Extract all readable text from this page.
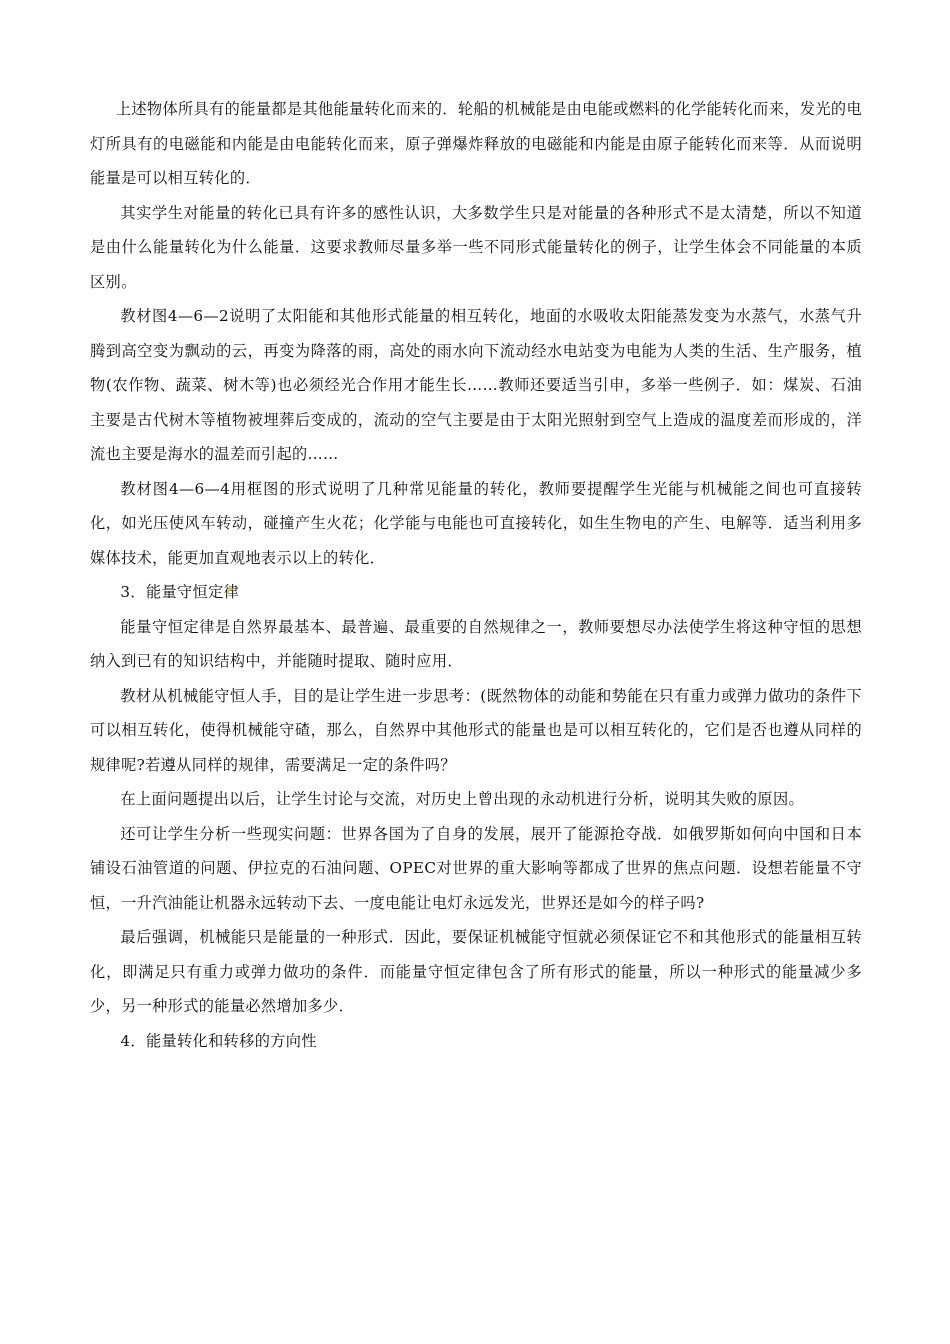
上述物体所具有的能量都是其他能量转化而来的．轮船的机械能是由电能或燃料的化学能转化而来，发光的电灯所具有的电磁能和内能是由电能转化而来，原子弹爆炸释放的电磁能和内能是由原子能转化而来等．从而说明能量是可以相互转化的．

其实学生对能量的转化已具有许多的感性认识，大多数学生只是对能量的各种形式不是太清楚，所以不知道是由什么能量转化为什么能量．这要求教师尽量多举一些不同形式能量转化的例子，让学生体会不同能量的本质区别。

教材图4—6—2说明了太阳能和其他形式能量的相互转化，地面的水吸收太阳能蒸发变为水蒸气，水蒸气升腾到高空变为飘动的云，再变为降落的雨，高处的雨水向下流动经水电站变为电能为人类的生活、生产服务，植物(农作物、蔬菜、树木等)也必须经光合作用才能生长……教师还要适当引申，多举一些例子．如：煤炭、石油主要是古代树木等植物被埋葬后变成的，流动的空气主要是由于太阳光照射到空气上造成的温度差而形成的，洋流也主要是海水的温差而引起的……

教材图4—6—4用框图的形式说明了几种常见能量的转化，教师要提醒学生光能与机械能之间也可直接转化，如光压使风车转动，碰撞产生火花；化学能与电能也可直接转化，如生生物电的产生、电解等．适当利用多媒体技术，能更加直观地表示以上的转化．

3．能量守恒定律

能量守恒定律是自然界最基本、最普遍、最重要的自然规律之一，教师要想尽办法使学生将这种守恒的思想纳入到已有的知识结构中，并能随时提取、随时应用．

教材从机械能守恒人手，目的是让学生进一步思考：(既然物体的动能和势能在只有重力或弹力做功的条件下可以相互转化，使得机械能守碴，那么，自然界中其他形式的能量也是可以相互转化的，它们是否也遵从同样的规律呢?若遵从同样的规律，需要满足一定的条件吗？

在上面问题提出以后，让学生讨论与交流，对历史上曾出现的永动机进行分析，说明其失败的原因。

还可让学生分析一些现实问题：世界各国为了自身的发展，展开了能源抢夺战．如俄罗斯如何向中国和日本铺设石油管道的问题、伊拉克的石油问题、OPEC对世界的重大影响等都成了世界的焦点问题．设想若能量不守恒，一升汽油能让机器永远转动下去、一度电能让电灯永远发光，世界还是如今的样子吗?

最后强调，机械能只是能量的一种形式．因此，要保证机械能守恒就必须保证它不和其他形式的能量相互转化，即满足只有重力或弹力做功的条件．而能量守恒定律包含了所有形式的能量，所以一种形式的能量减少多少，另一种形式的能量必然增加多少．

4．能量转化和转移的方向性
